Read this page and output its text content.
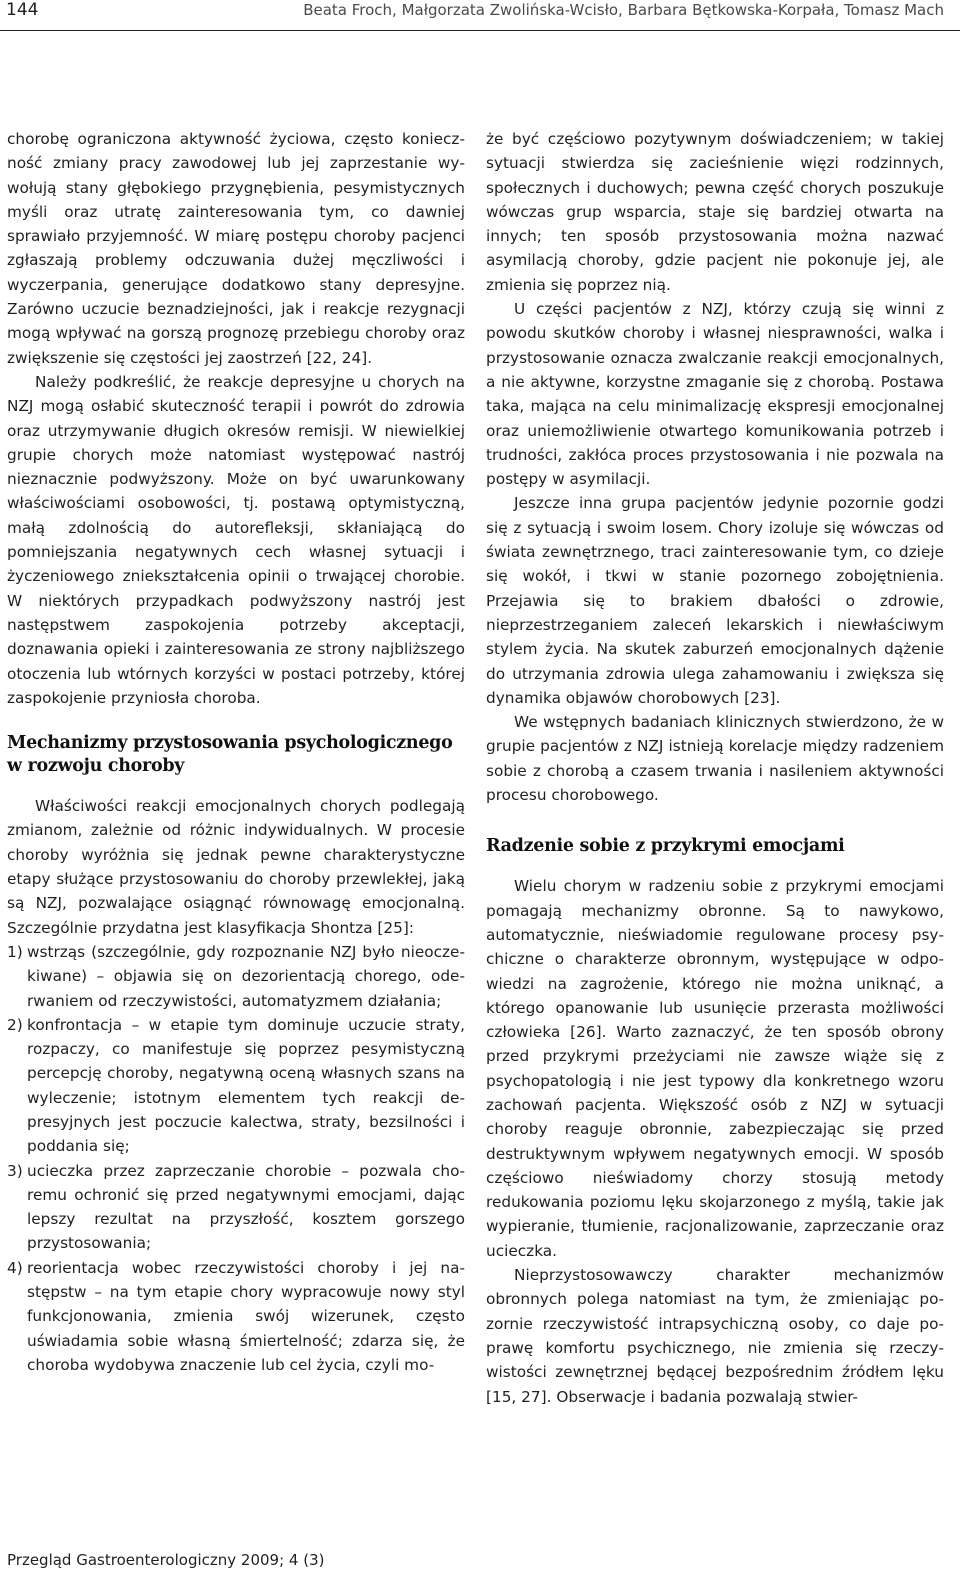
144	Beata Froch, Małgorzata Zwolińska-Wcisło, Barbara Bętkowska-Korpała, Tomasz Mach

chorobę ograniczona aktywność życiowa, często konieczność zmiany pracy zawodowej lub jej zaprzestanie wywołują stany głębokiego przygnębienia, pesymistycznych myśli oraz utratę zainteresowania tym, co dawniej sprawiało przyjemność. W miarę postępu choroby pacjenci zgłaszają problemy odczuwania dużej męczliwości i wyczerpania, generujące dodatkowo stany depresyjne. Zarówno uczucie beznadziejności, jak i reakcje rezygnacji mogą wpływać na gorszą prognozę przebiegu choroby oraz zwiększenie się częstości jej zaostrzeń [22, 24].

Należy podkreślić, że reakcje depresyjne u chorych na NZJ mogą osłabić skuteczność terapii i powrót do zdrowia oraz utrzymywanie długich okresów remisji. W niewielkiej grupie chorych może natomiast występować nastrój nieznacznie podwyższony. Może on być uwarunkowany właściwościami osobowości, tj. postawą optymistyczną, małą zdolnością do autorefleksji, skłaniającą do pomniejszania negatywnych cech własnej sytuacji i życzeniowego zniekształcenia opinii o trwającej chorobie. W niektórych przypadkach podwyższony nastrój jest następstwem zaspokojenia potrzeby akceptacji, doznawania opieki i zainteresowania ze strony najbliższego otoczenia lub wtórnych korzyści w postaci potrzeby, której zaspokojenie przyniosła choroba.

Mechanizmy przystosowania psychologicznego w rozwoju choroby

Właściwości reakcji emocjonalnych chorych podlegają zmianom, zależnie od różnic indywidualnych. W procesie choroby wyróżnia się jednak pewne charakterystyczne etapy służące przystosowaniu do choroby przewlekłej, jaką są NZJ, pozwalające osiągnąć równowagę emocjonalną. Szczególnie przydatna jest klasyfikacja Shontza [25]:

1) wstrząs (szczególnie, gdy rozpoznanie NZJ było nieoczekiwane) – objawia się on dezorientacją chorego, oderwaniem od rzeczywistości, automatyzmem działania;
2) konfrontacja – w etapie tym dominuje uczucie straty, rozpaczy, co manifestuje się poprzez pesymistyczną percepcję choroby, negatywną oceną własnych szans na wyleczenie; istotnym elementem tych reakcji depresyjnych jest poczucie kalectwa, straty, bezsilności i poddania się;
3) ucieczka przez zaprzeczanie chorobie – pozwala choremu ochronić się przed negatywnymi emocjami, dając lepszy rezultat na przyszłość, kosztem gorszego przystosowania;
4) reorientacja wobec rzeczywistości choroby i jej następstw – na tym etapie chory wypracowuje nowy styl funkcjonowania, zmienia swój wizerunek, często uświadamia sobie własną śmiertelność; zdarza się, że choroba wydobywa znaczenie lub cel życia, czyli mo-

że być częściowo pozytywnym doświadczeniem; w takiej sytuacji stwierdza się zacieśnienie więzi rodzinnych, społecznych i duchowych; pewna część chorych poszukuje wówczas grup wsparcia, staje się bardziej otwarta na innych; ten sposób przystosowania można nazwać asymilacją choroby, gdzie pacjent nie pokonuje jej, ale zmienia się poprzez nią.

U części pacjentów z NZJ, którzy czują się winni z powodu skutków choroby i własnej niesprawności, walka i przystosowanie oznacza zwalczanie reakcji emocjonalnych, a nie aktywne, korzystne zmaganie się z chorobą. Postawa taka, mająca na celu minimalizację ekspresji emocjonalnej oraz uniemożliwienie otwartego komunikowania potrzeb i trudności, zakłóca proces przystosowania i nie pozwala na postępy w asymilacji.

Jeszcze inna grupa pacjentów jedynie pozornie godzi się z sytuacją i swoim losem. Chory izoluje się wówczas od świata zewnętrznego, traci zainteresowanie tym, co dzieje się wokół, i tkwi w stanie pozornego zobojętnienia. Przejawia się to brakiem dbałości o zdrowie, nieprzestrzeganiem zaleceń lekarskich i niewłaściwym stylem życia. Na skutek zaburzeń emocjonalnych dążenie do utrzymania zdrowia ulega zahamowaniu i zwiększa się dynamika objawów chorobowych [23].

We wstępnych badaniach klinicznych stwierdzono, że w grupie pacjentów z NZJ istnieją korelacje między radzeniem sobie z chorobą a czasem trwania i nasileniem aktywności procesu chorobowego.

Radzenie sobie z przykrymi emocjami

Wielu chorym w radzeniu sobie z przykrymi emocjami pomagają mechanizmy obronne. Są to nawykowo, automatycznie, nieświadomie regulowane procesy psychiczne o charakterze obronnym, występujące w odpowiedzi na zagrożenie, którego nie można uniknąć, a którego opanowanie lub usunięcie przerasta możliwości człowieka [26]. Warto zaznaczyć, że ten sposób obrony przed przykrymi przeżyciami nie zawsze wiąże się z psychopatologią i nie jest typowy dla konkretnego wzoru zachowań pacjenta. Większość osób z NZJ w sytuacji choroby reaguje obronnie, zabezpieczając się przed destruktywnym wpływem negatywnych emocji. W sposób częściowo nieświadomy chorzy stosują metody redukowania poziomu lęku skojarzonego z myślą, takie jak wypieranie, tłumienie, racjonalizowanie, zaprzeczanie oraz ucieczka.

Nieprzystosowawczy charakter mechanizmów obronnych polega natomiast na tym, że zmieniając pozornie rzeczywistość intrapsychiczną osoby, co daje poprawę komfortu psychicznego, nie zmienia się rzeczywistości zewnętrznej będącej bezpośrednim źródłem lęku [15, 27]. Obserwacje i badania pozwalają stwier-

Przegląd Gastroenterologiczny 2009; 4 (3)
